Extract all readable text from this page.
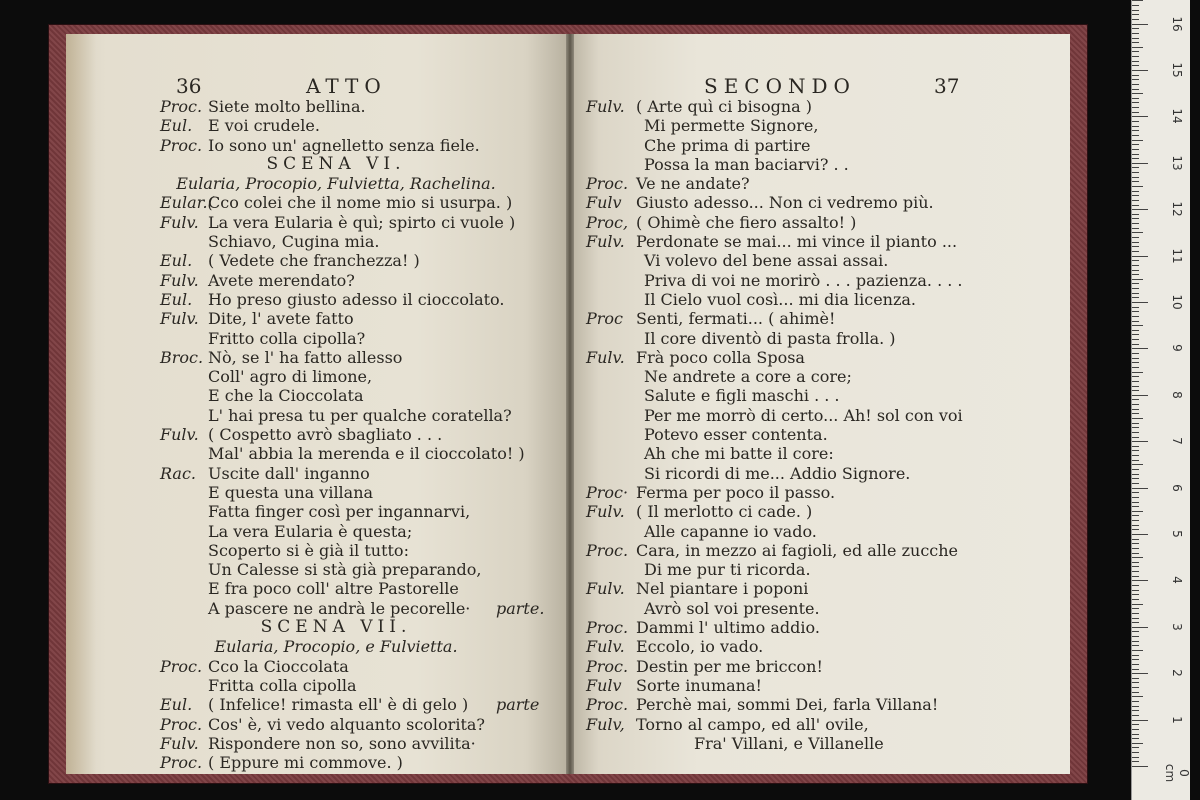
36	ATTO
Proc. Siete molto bellina.
Eul. E voi crudele.
Proc. Io sono un' agnelletto senza fiele.
SCENA VI.
Eularia, Procopio, Fulvietta, Rachelina.
Eular.(Cco colei che il nome mio si usurpa. )
Fulv. La vera Eularia è quì; spirto ci vuole )
Schiavo, Cugina mia.
Eul. ( Vedete che franchezza! )
Fulv. Avete merendato?
Eul. Ho preso giusto adesso il cioccolato.
Fulv. Dite, l' avete fatto
Fritto colla cipolla?
Broc. Nò, se l' ha fatto allesso
Coll' agro di limone,
E che la Cioccolata
L' hai presa tu per qualche coratella?
Fulv. ( Cospetto avrò sbagliato . . .
Mal' abbia la merenda e il cioccolato! )
Rac. Uscite dall' inganno
E questa una villana
Fatta finger così per ingannarvi,
La vera Eularia è questa;
Scoperto si è già il tutto:
Un Calesse si stà già preparando,
E fra poco coll' altre Pastorelle
A pascere ne andrà le pecorelle· parte.
SCENA VII.
Eularia, Procopio, e Fulvietta.
Proc. Cco la Cioccolata
Fritta colla cipolla
Eul. ( Infelice! rimasta ell' è di gelo ) parte
Proc. Cos' è, vi vedo alquanto scolorita?
Fulv. Rispondere non so, sono avvilita·
Proc. ( Eppure mi commove. )
SECONDO	37
Fulv. ( Arte quì ci bisogna )
Mi permette Signore,
Che prima di partire
Possa la man baciarvi? . .
Proc. Ve ne andate?
Fulv Giusto adesso... Non ci vedremo più.
Proc, ( Ohimè che fiero assalto! )
Fulv. Perdonate se mai... mi vince il pianto ...
Vi volevo del bene assai assai.
Priva di voi ne morirò . . . pazienza. . . .
Il Cielo vuol così... mi dia licenza.
Proc Senti, fermati... ( ahimè!
Il core diventò di pasta frolla. )
Fulv. Frà poco colla Sposa
Ne andrete a core a core;
Salute e figli maschi . . .
Per me morrò di certo... Ah! sol con voi
Potevo esser contenta.
Ah che mi batte il core:
Si ricordi di me... Addio Signore.
Proc· Ferma per poco il passo.
Fulv. ( Il merlotto ci cade. )
Alle capanne io vado.
Proc. Cara, in mezzo ai fagioli, ed alle zucche
Di me pur ti ricorda.
Fulv. Nel piantare i poponi
Avrò sol voi presente.
Proc. Dammi l' ultimo addio.
Fulv. Eccolo, io vado.
Proc. Destin per me briccon!
Fulv Sorte inumana!
Proc. Perchè mai, sommi Dei, farla Villana!
Fulv, Torno al campo, ed all' ovile,
Fra' Villani, e Villanelle
0 cm
1
2
3
4
5
6
7
8
9
10
11
12
13
14
15
16
